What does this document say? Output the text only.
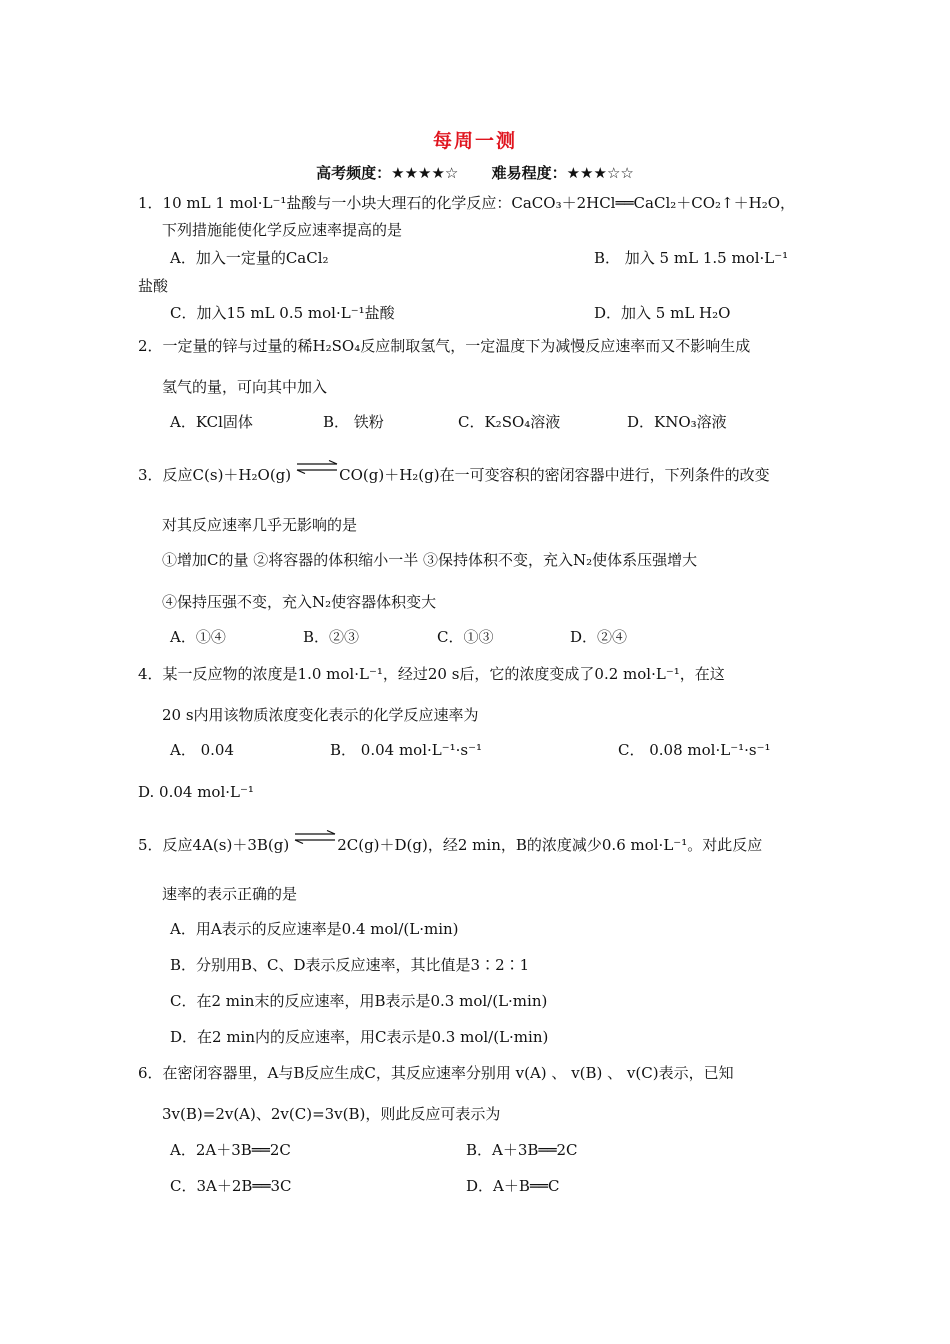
每周一测
高考频度：★★★★☆ 难易程度：★★★☆☆
1．10 mL 1 mol·L⁻¹盐酸与一小块大理石的化学反应：CaCO₃＋2HCl══CaCl₂＋CO₂↑＋H₂O，
下列措施能使化学反应速率提高的是
A．加入一定量的CaCl₂	B． 加入 5 mL 1.5 mol·L⁻¹
盐酸
C．加入15 mL 0.5 mol·L⁻¹盐酸	D．加入 5 mL H₂O
2．一定量的锌与过量的稀H₂SO₄反应制取氢气，一定温度下为减慢反应速率而又不影响生成
氢气的量，可向其中加入
A．KCl固体	B． 铁粉	C．K₂SO₄溶液	D．KNO₃溶液
3．反应C(s)＋H₂O(g) ⇌CO(g)＋H₂(g)在一可变容积的密闭容器中进行，下列条件的改变
对其反应速率几乎无影响的是
①增加C的量 ②将容器的体积缩小一半 ③保持体积不变，充入N₂使体系压强增大
④保持压强不变，充入N₂使容器体积变大
A．①④	B．②③	C．①③	D．②④
4．某一反应物的浓度是1.0 mol·L⁻¹，经过20 s后，它的浓度变成了0.2 mol·L⁻¹，在这
20 s内用该物质浓度变化表示的化学反应速率为
A． 0.04	B． 0.04 mol·L⁻¹·s⁻¹	C． 0.08 mol·L⁻¹·s⁻¹
D. 0.04 mol·L⁻¹
5．反应4A(s)＋3B(g) ⇌2C(g)＋D(g)，经2 min，B的浓度减少0.6 mol·L⁻¹。对此反应
速率的表示正确的是
A．用A表示的反应速率是0.4 mol/(L·min)
B．分别用B、C、D表示反应速率，其比值是3∶2∶1
C．在2 min末的反应速率，用B表示是0.3 mol/(L·min)
D．在2 min内的反应速率，用C表示是0.3 mol/(L·min)
6．在密闭容器里，A与B反应生成C，其反应速率分别用 v(A) 、 v(B) 、 v(C)表示，已知
3v(B)=2v(A)、2v(C)=3v(B)，则此反应可表示为
A．2A＋3B══2C	B．A＋3B══2C
C．3A＋2B══3C	D．A＋B══C
